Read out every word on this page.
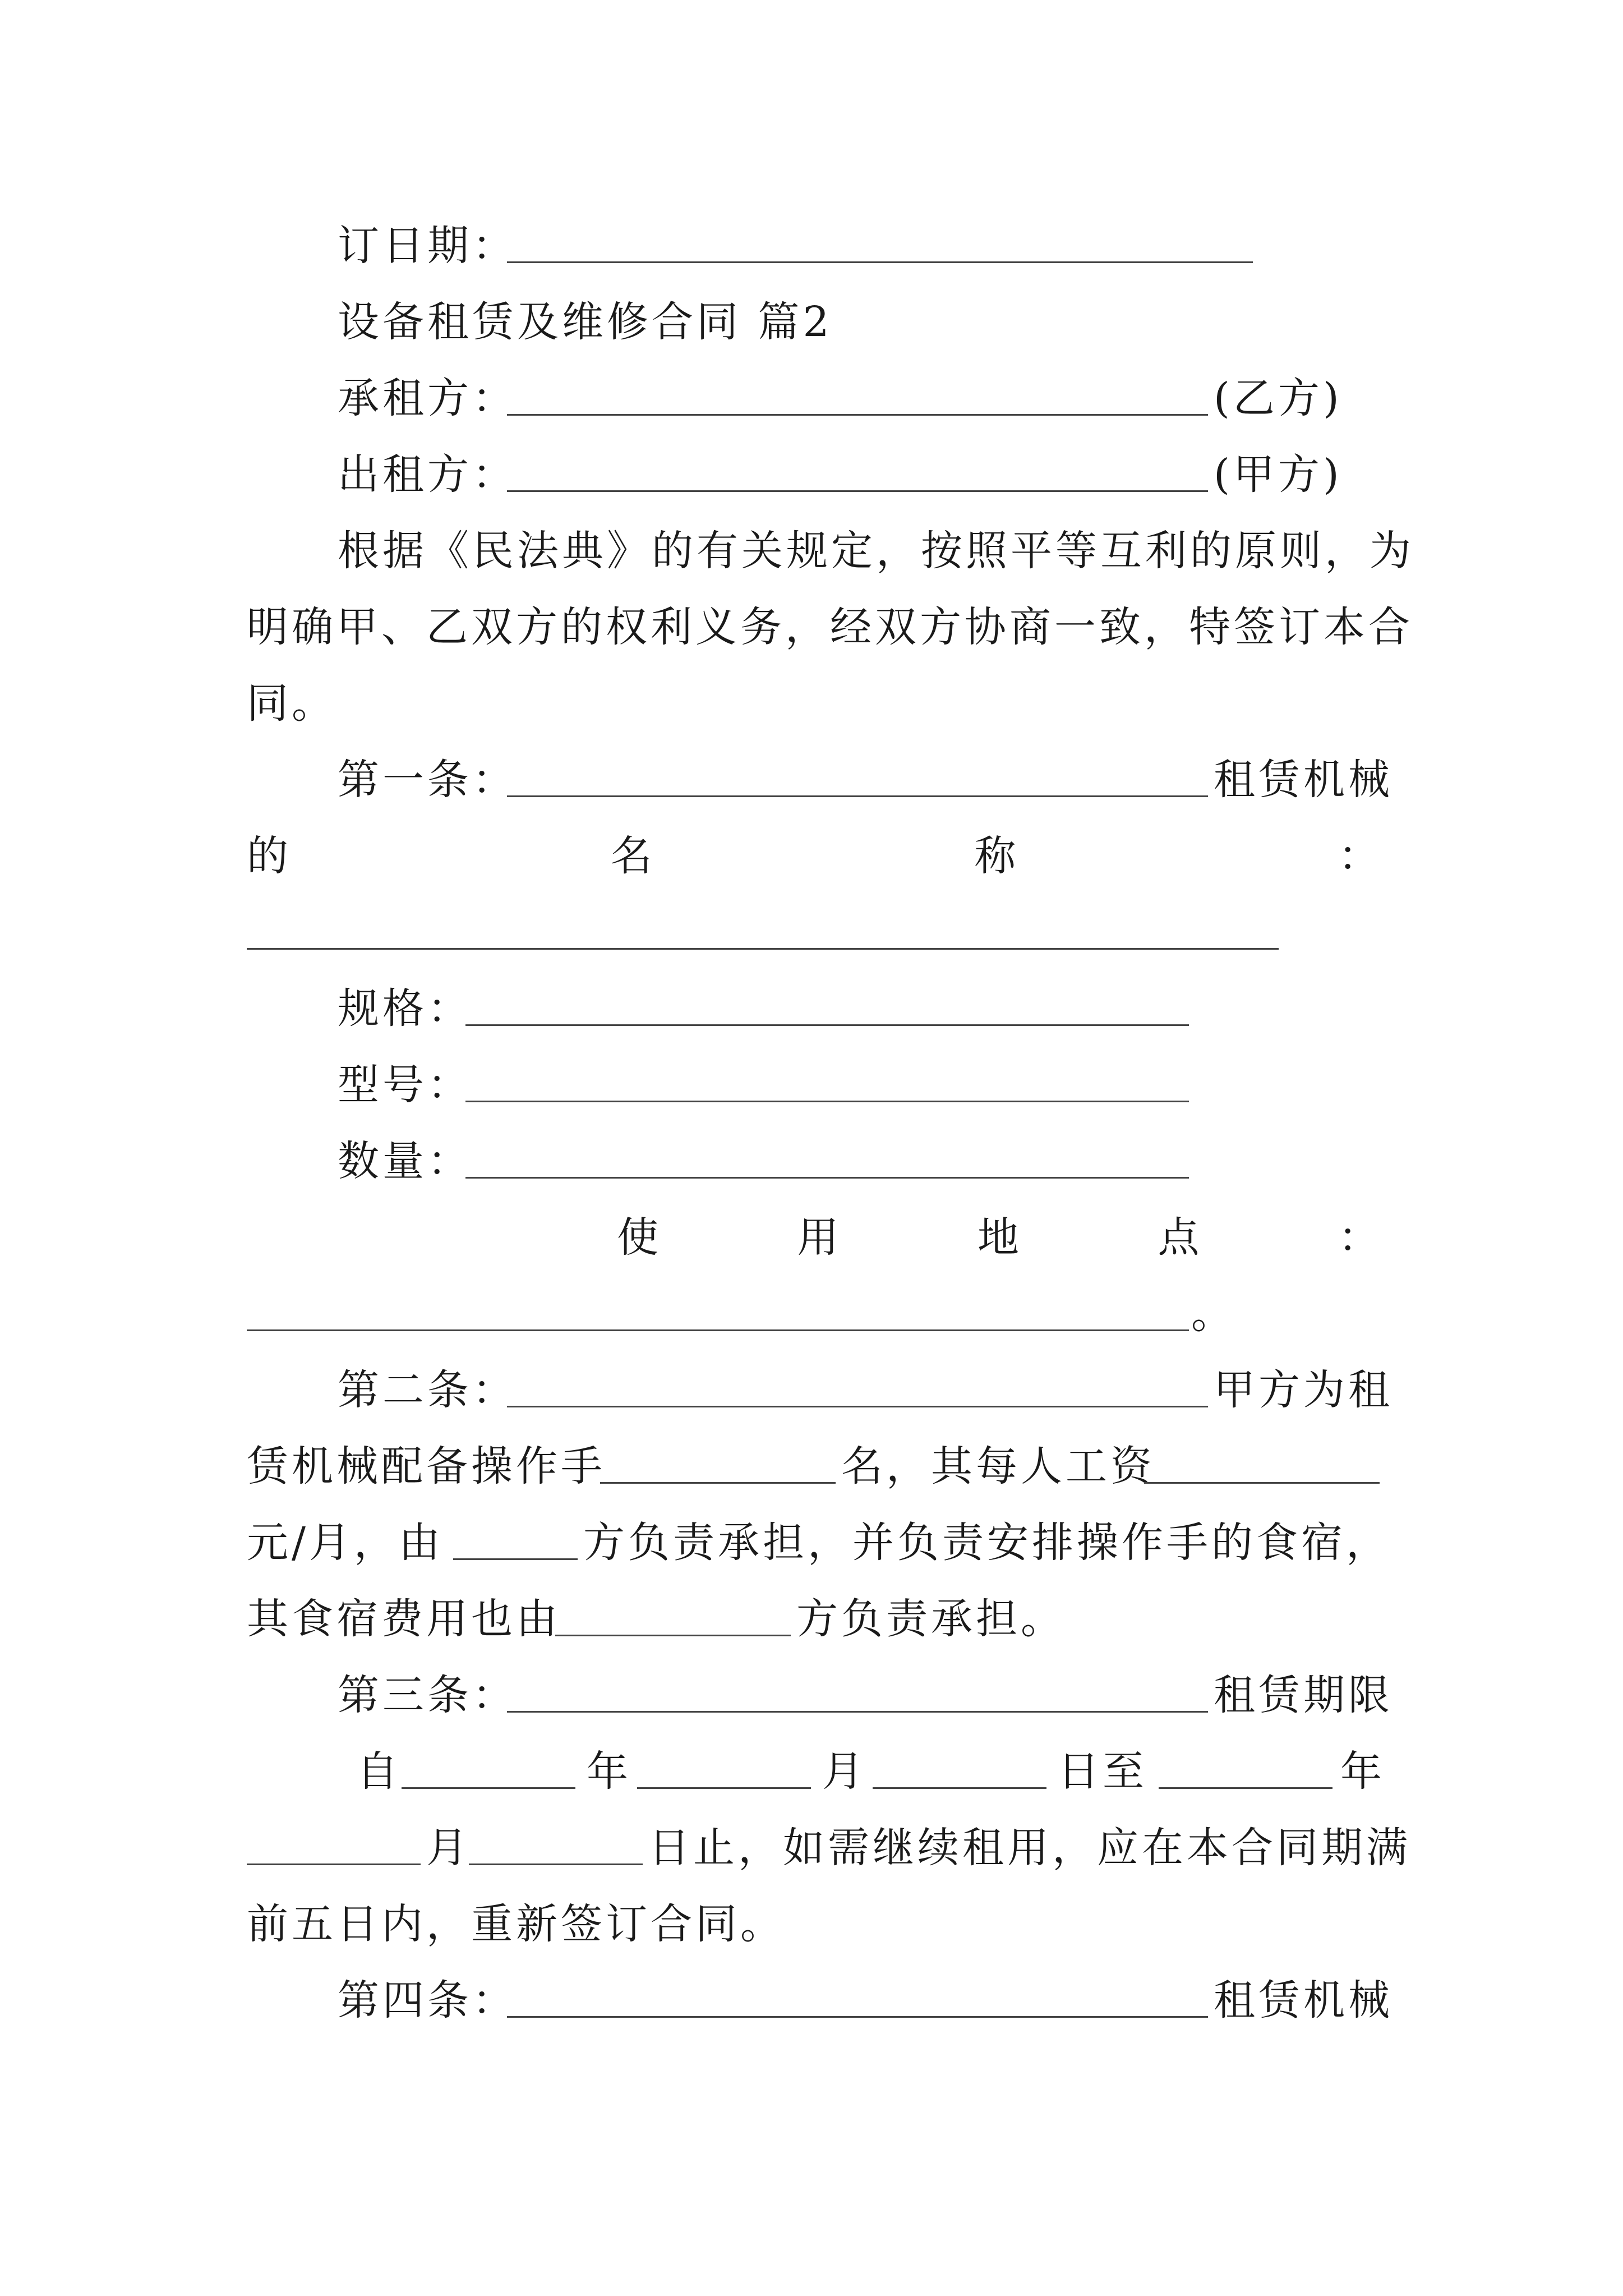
订日期：
设备租赁及维修合同 篇2
承租方：	(乙方)
出租方：	(甲方)
根据《民法典》的有关规定，按照平等互利的原则，为
明确甲、乙双方的权利义务，经双方协商一致，特签订本合
同。
第一条：	租赁机械
的	名	称	：
规格：
型号：
数量：
使	用	地	点	：
。
第二条：	甲方为租
赁机械配备操作手	名，其每人工资
元/月，由	方负责承担，并负责安排操作手的食宿，
其食宿费用也由	方负责承担。
第三条：	租赁期限
自	年	月	日至	年
月	日止，如需继续租用，应在本合同期满
前五日内，重新签订合同。
第四条：	租赁机械
